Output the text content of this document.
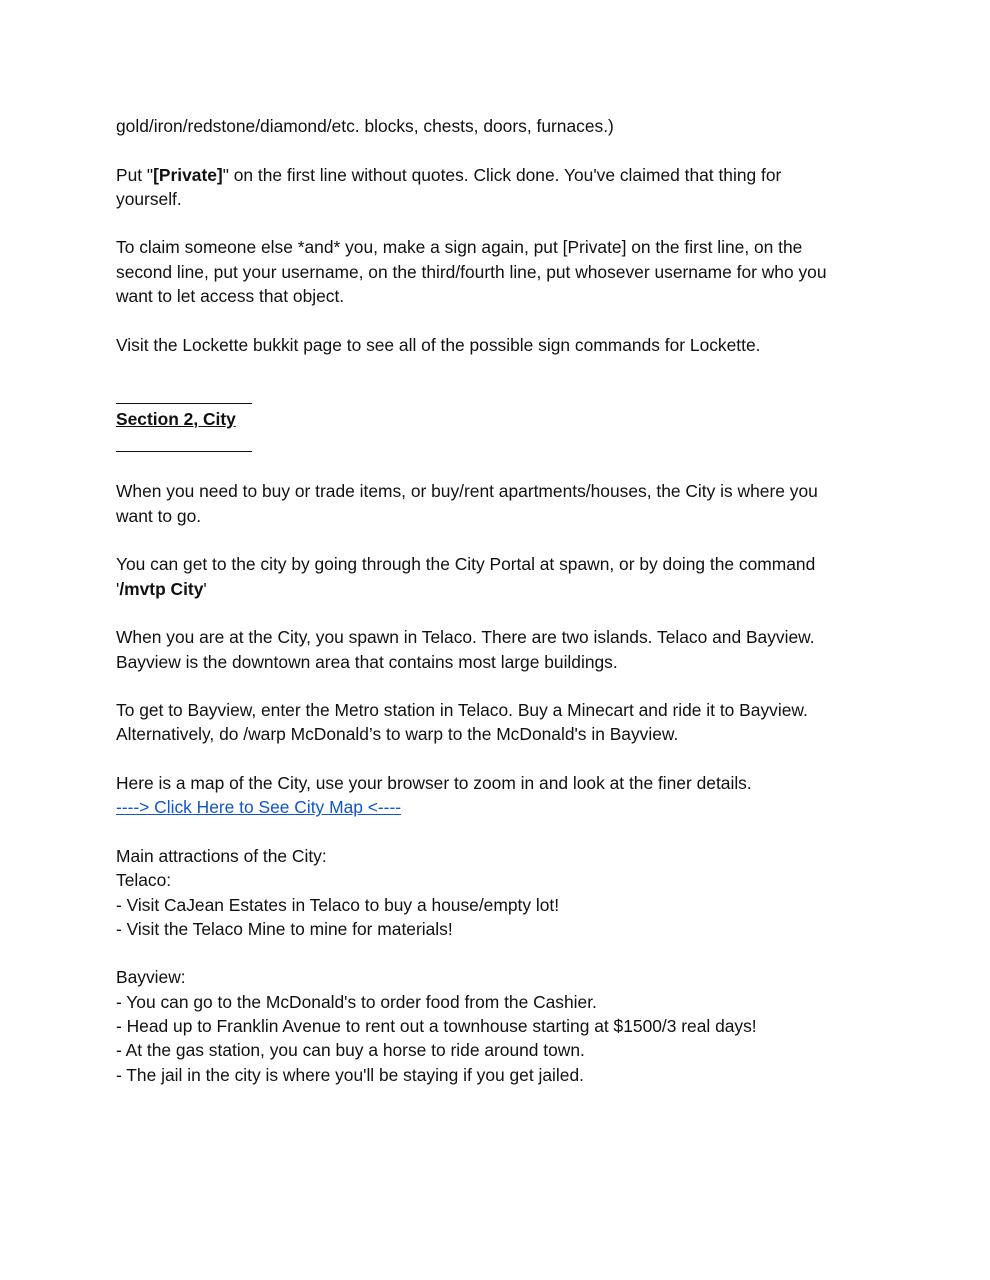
gold/iron/redstone/diamond/etc. blocks, chests, doors, furnaces.)

Put "[Private]" on the first line without quotes. Click done. You've claimed that thing for yourself.

To claim someone else *and* you, make a sign again, put [Private] on the first line, on the second line, put your username, on the third/fourth line, put whosever username for who you want to let access that object.

Visit the Lockette bukkit page to see all of the possible sign commands for Lockette.

Section 2, City

When you need to buy or trade items, or buy/rent apartments/houses, the City is where you want to go.

You can get to the city by going through the City Portal at spawn, or by doing the command
'/mvtp City'

When you are at the City, you spawn in Telaco. There are two islands. Telaco and Bayview. Bayview is the downtown area that contains most large buildings.

To get to Bayview, enter the Metro station in Telaco. Buy a Minecart and ride it to Bayview. Alternatively, do /warp McDonald’s to warp to the McDonald's in Bayview.

Here is a map of the City, use your browser to zoom in and look at the finer details.
----> Click Here to See City Map <----

Main attractions of the City:
Telaco:
- Visit CaJean Estates in Telaco to buy a house/empty lot!
- Visit the Telaco Mine to mine for materials!

Bayview:
- You can go to the McDonald's to order food from the Cashier.
- Head up to Franklin Avenue to rent out a townhouse starting at $1500/3 real days!
- At the gas station, you can buy a horse to ride around town.
- The jail in the city is where you'll be staying if you get jailed.
